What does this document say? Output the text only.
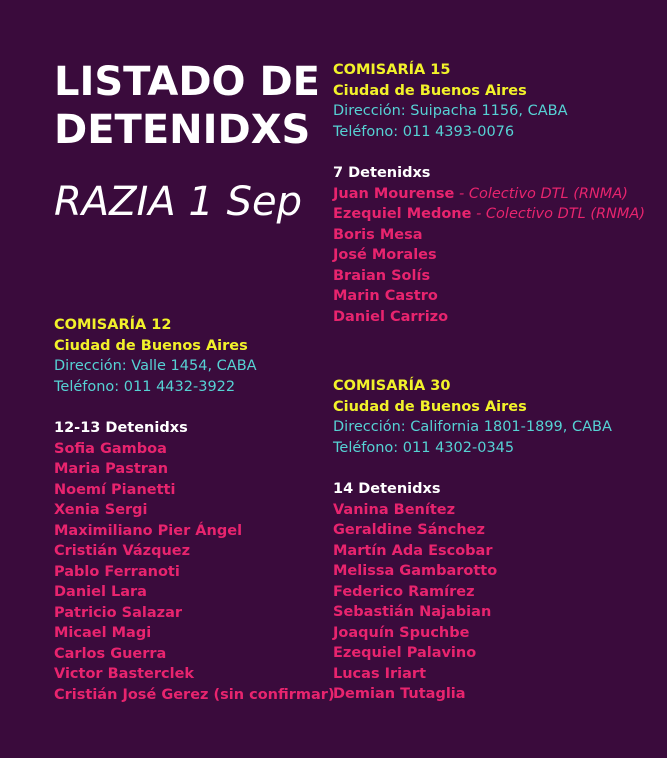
LISTADO DE
DETENIDXS
RAZIA 1 Sep
COMISARÍA 15
Ciudad de Buenos Aires
Dirección: Suipacha 1156, CABA
Teléfono: 011 4393-0076
7 Detenidxs
Juan Mourense - Colectivo DTL (RNMA)
Ezequiel Medone - Colectivo DTL (RNMA)
Boris Mesa
José Morales
Braian Solís
Marin Castro
Daniel Carrizo
COMISARÍA 12
Ciudad de Buenos Aires
Dirección: Valle 1454, CABA
Teléfono: 011 4432-3922
12-13 Detenidxs
Sofia Gamboa
Maria Pastran
Noemí Pianetti
Xenia Sergi
Maximiliano Pier Ángel
Cristián Vázquez
Pablo Ferranoti
Daniel Lara
Patricio Salazar
Micael Magi
Carlos Guerra
Victor Basterclek
Cristián José Gerez (sin confirmar)
COMISARÍA 30
Ciudad de Buenos Aires
Dirección: California 1801-1899, CABA
Teléfono: 011 4302-0345
14 Detenidxs
Vanina Benítez
Geraldine Sánchez
Martín Ada Escobar
Melissa Gambarotto
Federico Ramírez
Sebastián Najabian
Joaquín Spuchbe
Ezequiel Palavino
Lucas Iriart
Demian Tutaglia
